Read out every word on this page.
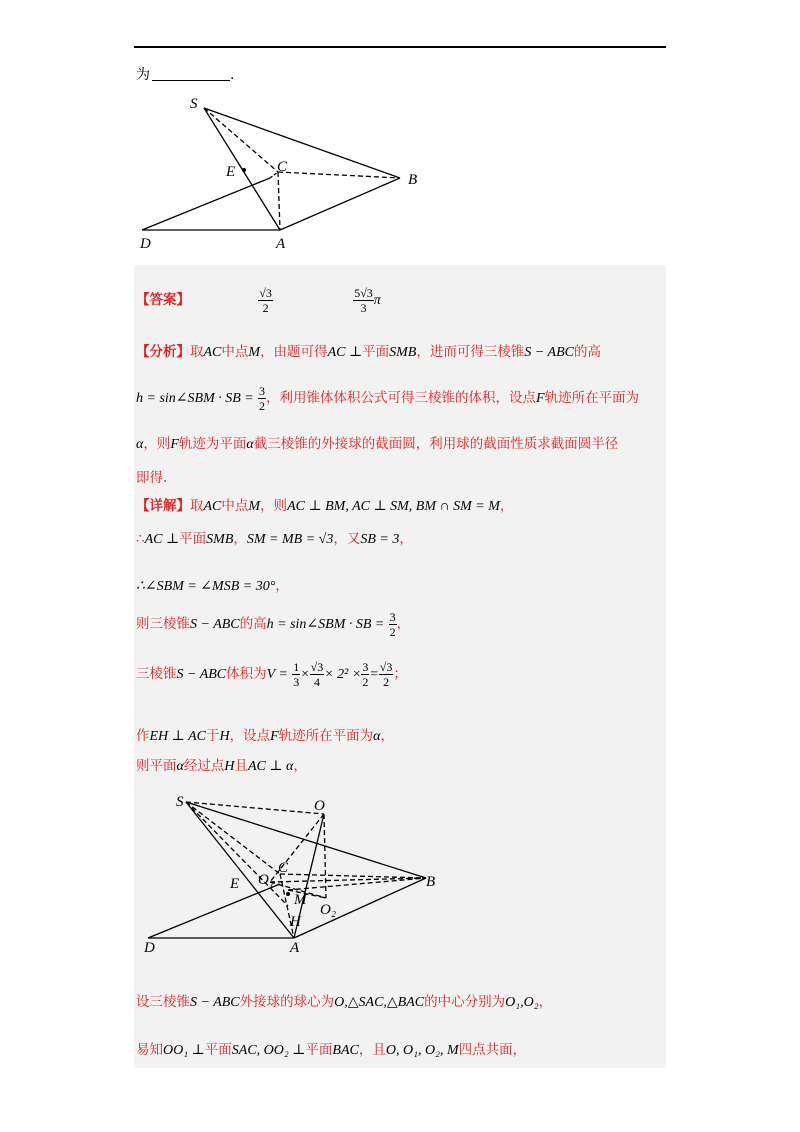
为	.
S
E	C
B
D	A
【答案】	$\frac{√3}{2}$
	$\frac{5√3}{3}$ π
【分析】取AC中点M，由题可得AC ⊥平面SMB，进而可得三棱锥S − ABC的高
h = sin∠SBM · SB = $\frac{3}{2}$ ，利用锥体体积公式可得三棱锥的体积，设点F轨迹所在平面为
α，则F轨迹为平面α截三棱锥的外接球的截面圆，利用球的截面性质求截面圆半径
即得.
【详解】取AC中点M，则AC ⊥ BM, AC ⊥ SM, BM ∩ SM = M，
∴AC ⊥平面SMB，SM = MB = √3，又SB = 3，
∴∠SBM = ∠MSB = 30°，
则三棱锥S − ABC的高h = sin∠SBM · SB = $\frac{3}{2}$ ，
三棱锥S − ABC体积为$V = \frac{1}{3} \times \frac{√3}{4} \times 2^2 \times \frac{3}{2} = \frac{√3}{2}$ ；
作EH ⊥ AC于H，设点F轨迹所在平面为α，
则平面α经过点H且AC ⊥ α，
S	O
C
E O₁	B
M
O₂
H
D	A
设三棱锥S − ABC外接球的球心为O,△SAC,△BAC的中心分别为O₁,O₂，
易知OO₁ ⊥平面SAC, OO₂ ⊥平面BAC，且O, O₁, O₂, M四点共面，
